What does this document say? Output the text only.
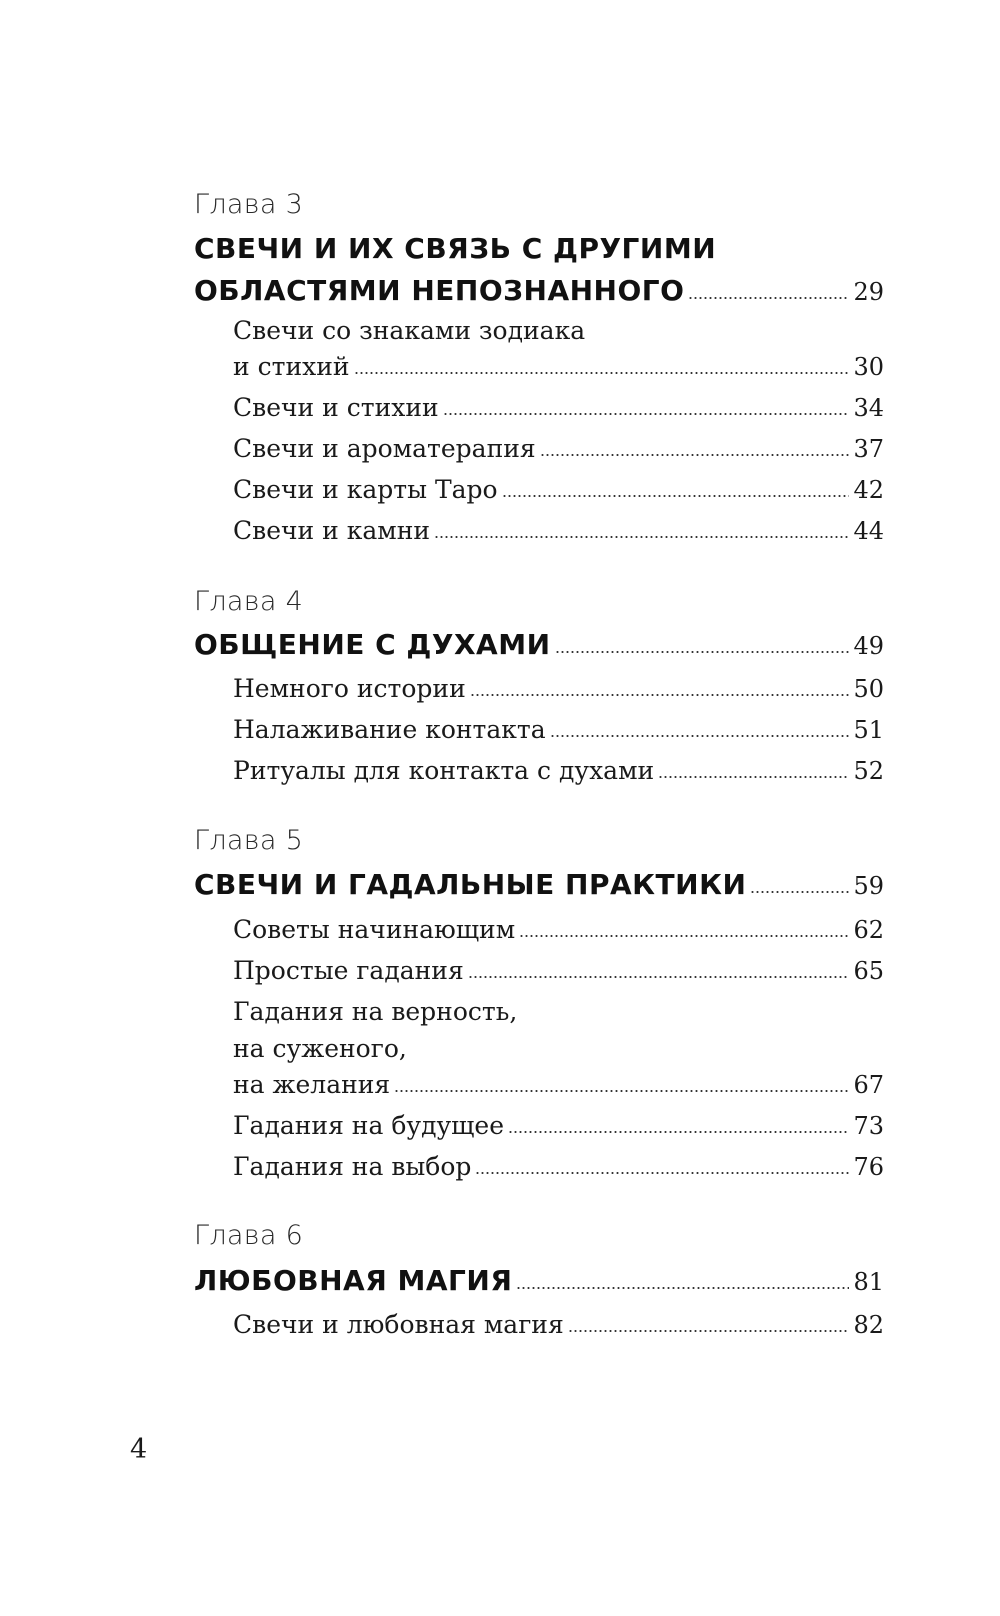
Глава 3
СВЕЧИ И ИХ СВЯЗЬ С ДРУГИМИ
ОБЛАСТЯМИ НЕПОЗНАННОГО	29
Свечи со знаками зодиака
и стихий	30
Свечи и стихии	34
Свечи и ароматерапия	37
Свечи и карты Таро	42
Свечи и камни	44
Глава 4
ОБЩЕНИЕ С ДУХАМИ	49
Немного истории	50
Налаживание контакта	51
Ритуалы для контакта с духами	52
Глава 5
СВЕЧИ И ГАДАЛЬНЫЕ ПРАКТИКИ	59
Советы начинающим	62
Простые гадания	65
Гадания на верность,
на суженого,
на желания	67
Гадания на будущее	73
Гадания на выбор	76
Глава 6
ЛЮБОВНАЯ МАГИЯ	81
Свечи и любовная магия	82
4
